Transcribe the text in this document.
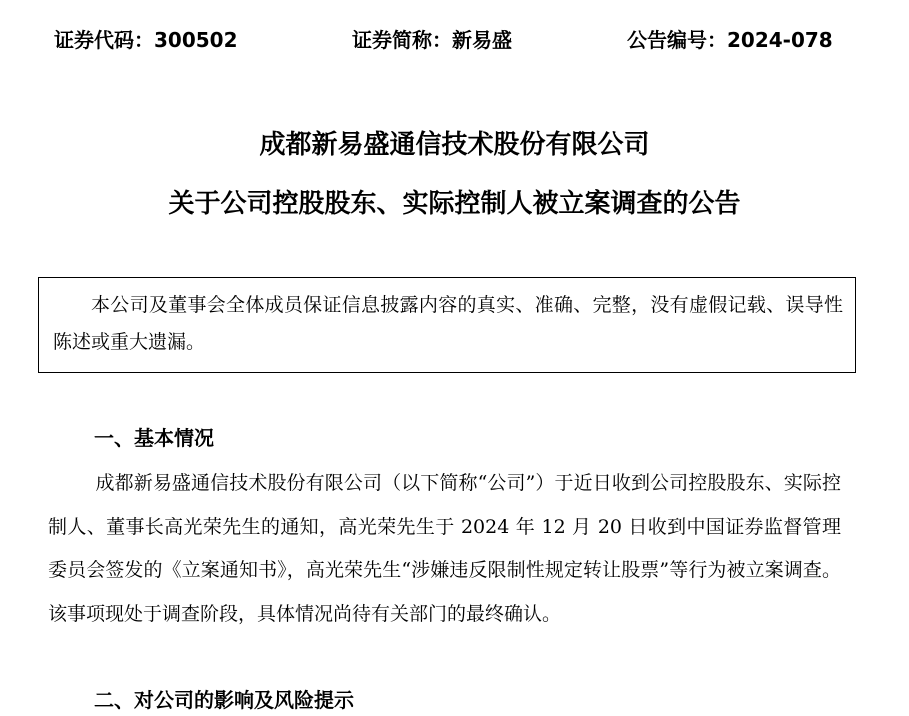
证券代码：300502	证券简称：新易盛	公告编号：2024-078
成都新易盛通信技术股份有限公司
关于公司控股股东、实际控制人被立案调查的公告

本公司及董事会全体成员保证信息披露内容的真实、准确、完整，没有虚假记载、误导性陈述或重大遗漏。

一、基本情况

成都新易盛通信技术股份有限公司（以下简称“公司”）于近日收到公司控股股东、实际控制人、董事长高光荣先生的通知，高光荣先生于 2024 年 12 月 20 日收到中国证券监督管理委员会签发的《立案通知书》，高光荣先生“涉嫌违反限制性规定转让股票”等行为被立案调查。该事项现处于调查阶段，具体情况尚待有关部门的最终确认。

二、对公司的影响及风险提示
